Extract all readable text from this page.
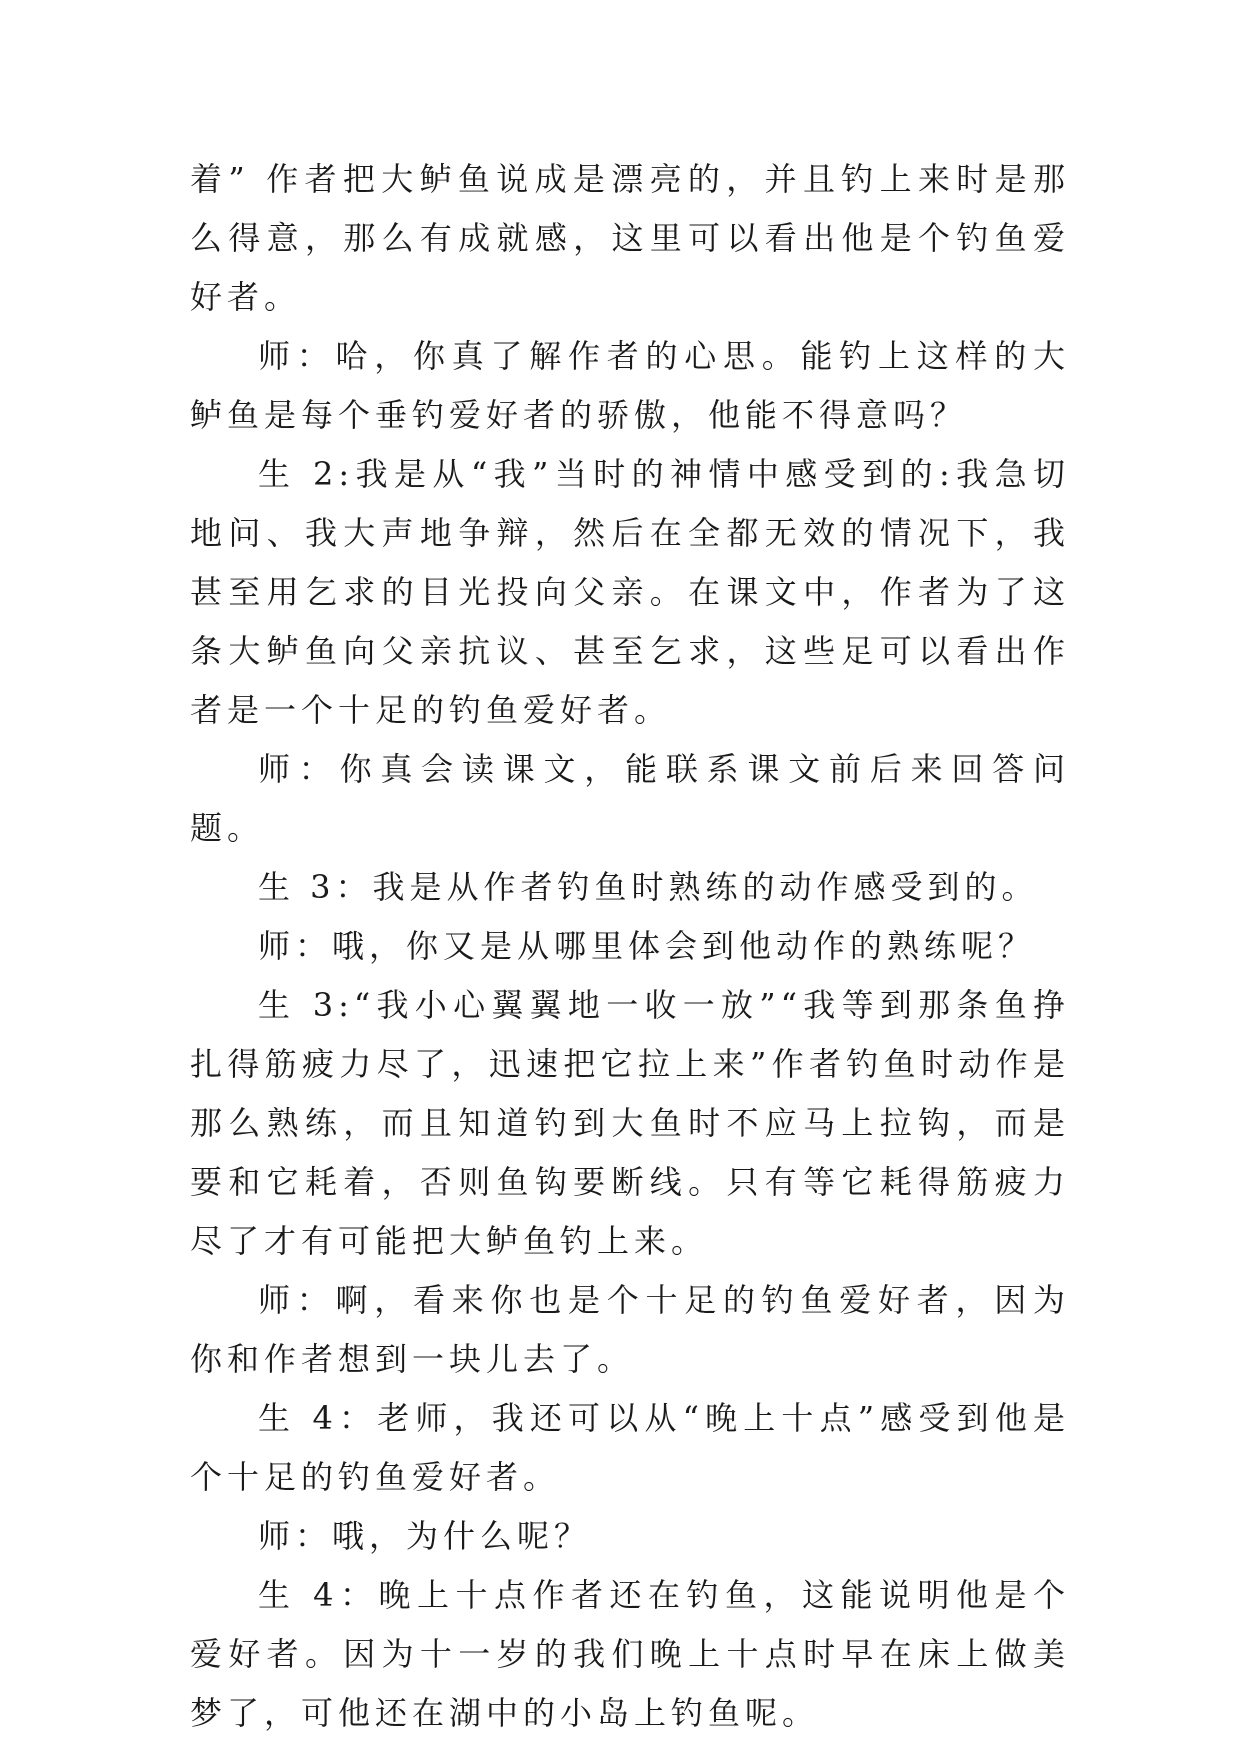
着” 作者把大鲈鱼说成是漂亮的，并且钓上来时是那么得意，那么有成就感，这里可以看出他是个钓鱼爱好者。

师：哈，你真了解作者的心思。能钓上这样的大鲈鱼是每个垂钓爱好者的骄傲，他能不得意吗？

生 2:我是从“我”当时的神情中感受到的:我急切地问、我大声地争辩，然后在全都无效的情况下，我甚至用乞求的目光投向父亲。在课文中，作者为了这条大鲈鱼向父亲抗议、甚至乞求，这些足可以看出作者是一个十足的钓鱼爱好者。

师：你真会读课文，能联系课文前后来回答问题。

生 3：我是从作者钓鱼时熟练的动作感受到的。

师：哦，你又是从哪里体会到他动作的熟练呢？

生 3:“我小心翼翼地一收一放”“我等到那条鱼挣扎得筋疲力尽了，迅速把它拉上来”作者钓鱼时动作是那么熟练，而且知道钓到大鱼时不应马上拉钩，而是要和它耗着，否则鱼钩要断线。只有等它耗得筋疲力尽了才有可能把大鲈鱼钓上来。

师：啊，看来你也是个十足的钓鱼爱好者，因为你和作者想到一块儿去了。

生 4：老师，我还可以从“晚上十点”感受到他是个十足的钓鱼爱好者。

师：哦，为什么呢？

生 4：晚上十点作者还在钓鱼，这能说明他是个爱好者。因为十一岁的我们晚上十点时早在床上做美梦了，可他还在湖中的小岛上钓鱼呢。
